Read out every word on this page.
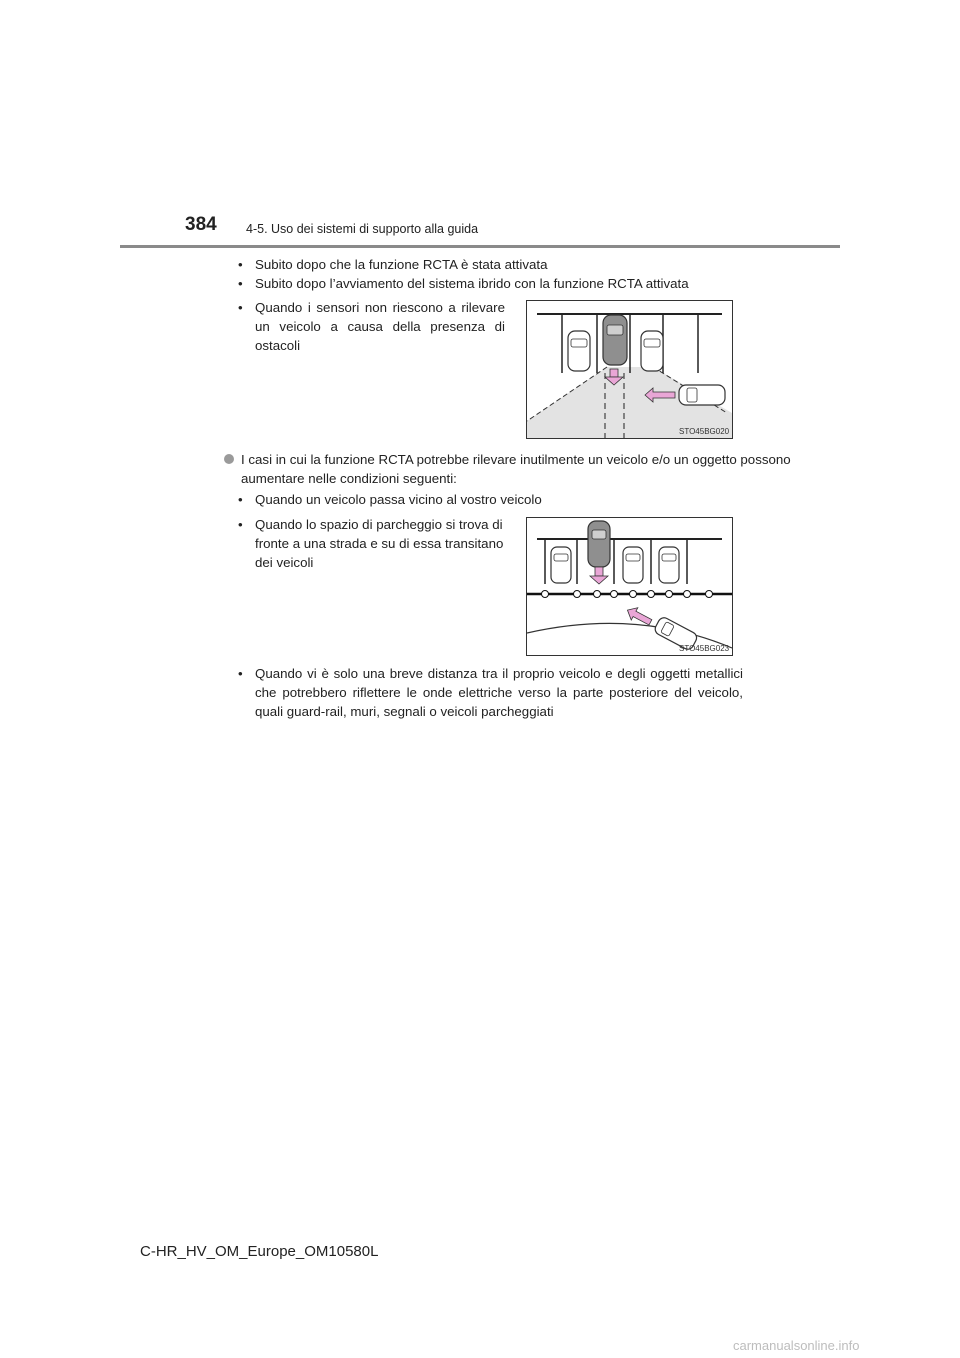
384 4-5. Uso dei sistemi di supporto alla guida
• Subito dopo che la funzione RCTA è stata attivata
• Subito dopo l’avviamento del sistema ibrido con la funzione RCTA attivata
• Quando i sensori non riescono a rilevare un veicolo a causa della presenza di ostacoli
STO45BG020
I casi in cui la funzione RCTA potrebbe rilevare inutilmente un veicolo e/o un oggetto possono aumentare nelle condizioni seguenti:
• Quando un veicolo passa vicino al vostro veicolo
• Quando lo spazio di parcheggio si trova di fronte a una strada e su di essa transitano dei veicoli
STO45BG023
• Quando vi è solo una breve distanza tra il proprio veicolo e degli oggetti metallici che potrebbero riflettere le onde elettriche verso la parte posteriore del veicolo, quali guard-rail, muri, segnali o veicoli parcheggiati
C-HR_HV_OM_Europe_OM10580L
carmanualsonline.info
